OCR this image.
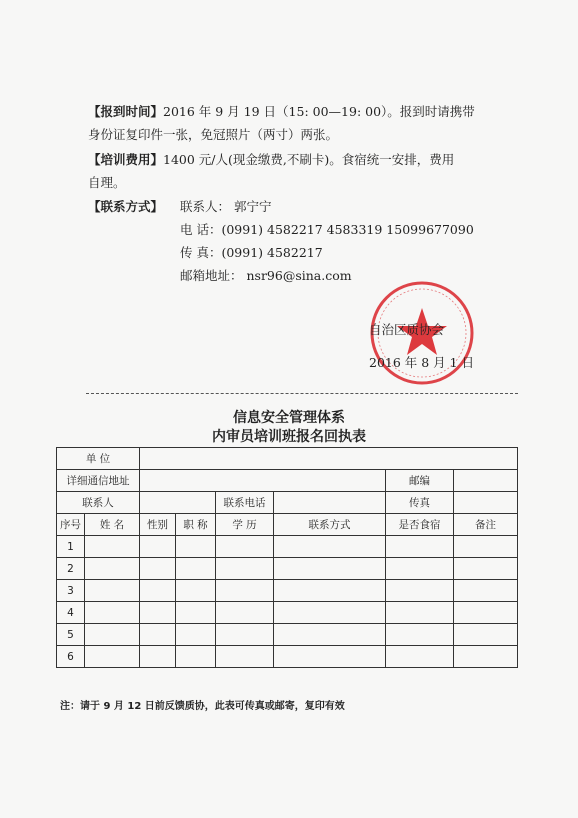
【报到时间】2016 年 9 月 19 日（15: 00—19: 00）。报到时请携带
身份证复印件一张，免冠照片（两寸）两张。
【培训费用】1400 元/人(现金缴费,不刷卡)。食宿统一安排，费用
自理。
【联系方式】 联系人： 郭宁宁
电 话：(0991) 4582217 4583319 15099677090
传 真：(0991) 4582217
邮箱地址： nsr96@sina.com
自治区质协会
2016 年 8 月 1 日
信息安全管理体系
内审员培训班报名回执表
单 位							
详细通信地址						邮编	
联系人				联系电话		传真	
序号	姓 名	性别	职 称	学 历	联系方式	是否食宿	备注
1							
2							
3							
4							
5							
6							
注：请于 9 月 12 日前反馈质协，此表可传真或邮寄，复印有效
